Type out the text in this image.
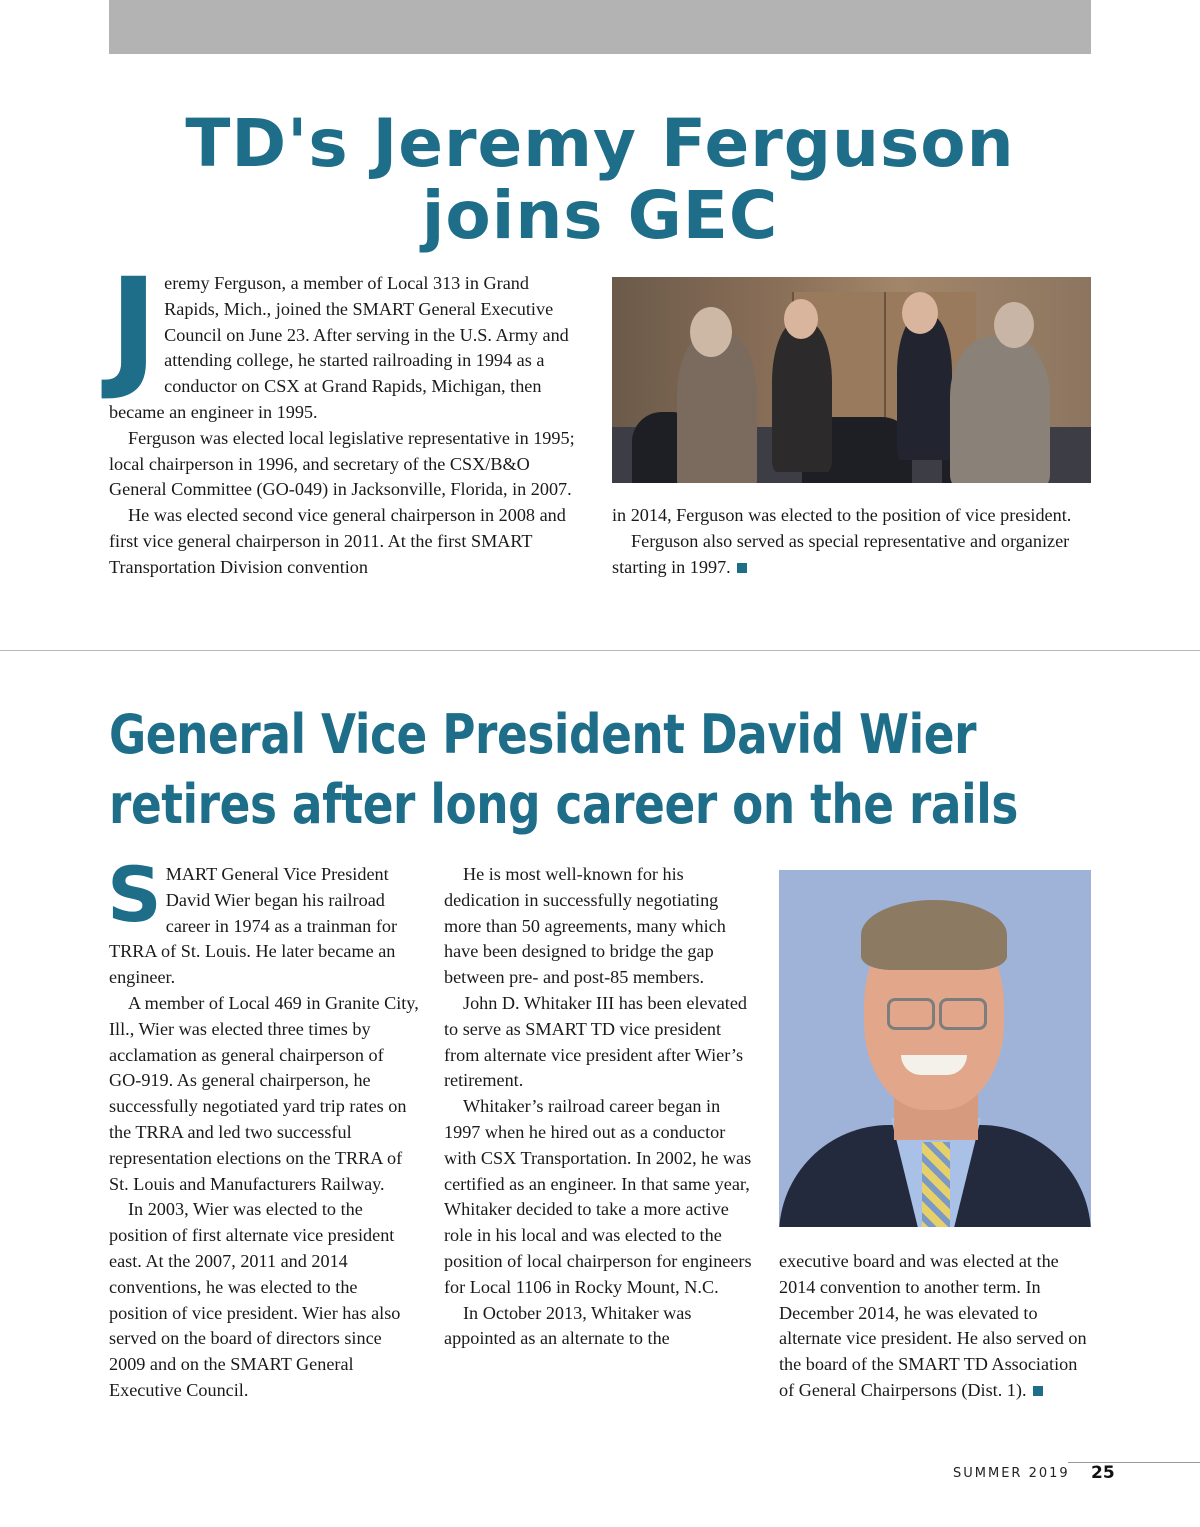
TD's Jeremy Ferguson
joins GEC

Jeremy Ferguson, a member of Local 313 in Grand Rapids, Mich., joined the SMART General Executive Council on June 23. After serving in the U.S. Army and attending college, he started railroading in 1994 as a conductor on CSX at Grand Rapids, Michigan, then became an engineer in 1995.

Ferguson was elected local legislative representative in 1995; local chairperson in 1996, and secretary of the CSX/B&O General Committee (GO-049) in Jacksonville, Florida, in 2007.

He was elected second vice general chairperson in 2008 and first vice general chairperson in 2011. At the first SMART Transportation Division convention

in 2014, Ferguson was elected to the position of vice president.

Ferguson also served as special representative and organizer starting in 1997.

General Vice President David Wier
retires after long career on the rails

SMART General Vice President David Wier began his railroad career in 1974 as a trainman for TRRA of St. Louis. He later became an engineer.

A member of Local 469 in Granite City, Ill., Wier was elected three times by acclamation as general chairperson of GO-919. As general chairperson, he successfully negotiated yard trip rates on the TRRA and led two successful representation elections on the TRRA of St. Louis and Manufacturers Railway.

In 2003, Wier was elected to the position of first alternate vice president east. At the 2007, 2011 and 2014 conventions, he was elected to the position of vice president. Wier has also served on the board of directors since 2009 and on the SMART General Executive Council.

He is most well-known for his dedication in successfully negotiating more than 50 agreements, many which have been designed to bridge the gap between pre- and post-85 members.

John D. Whitaker III has been elevated to serve as SMART TD vice president from alternate vice president after Wier’s retirement.

Whitaker’s railroad career began in 1997 when he hired out as a conductor with CSX Transportation. In 2002, he was certified as an engineer. In that same year, Whitaker decided to take a more active role in his local and was elected to the position of local chairperson for engineers for Local 1106 in Rocky Mount, N.C.

In October 2013, Whitaker was appointed as an alternate to the

executive board and was elected at the 2014 convention to another term. In December 2014, he was elevated to alternate vice president. He also served on the board of the SMART TD Association of General Chairpersons (Dist. 1).

SUMMER 2019 25
